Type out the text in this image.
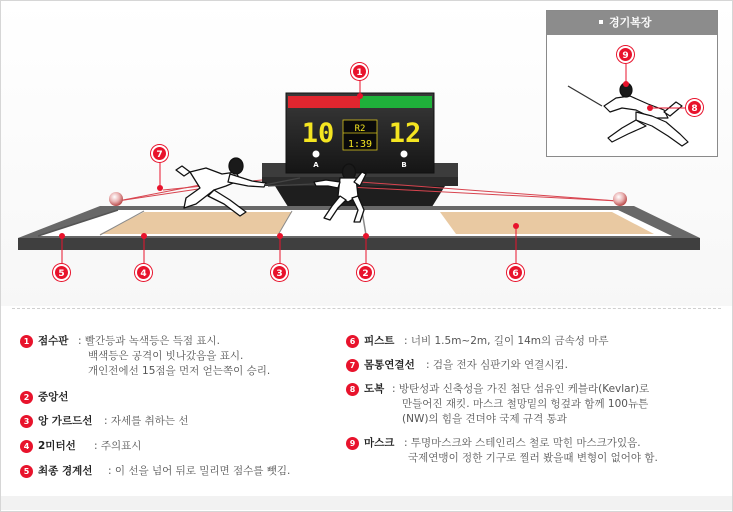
10 12
R2
1:39
A	B
경기복장
1
2
3
4
5	6
7
8
9
1 점수판 : 빨간등과 녹색등은 득점 표시.
백색등은 공격이 빗나갔음을 표시.
개인전에선 15점을 먼저 얻는쪽이 승리.
2 중앙선
3 앙 가르드선 : 자세를 취하는 선
4 2미터선 : 주의표시
5 최종 경계선 : 이 선을 넘어 뒤로 밀리면 점수를 뺏김.
6 피스트 : 너비 1.5m~2m, 길이 14m의 금속성 마루
7 몸통연결선 : 검을 전자 심판기와 연결시킴.
8 도복 : 방탄성과 신축성을 가진 첨단 섬유인 케블라(Kevlar)로
만들어진 재킷. 마스크 철망밑의 헝겊과 함께 100뉴튼
(NW)의 힘을 견뎌야 국제 규격 통과
9 마스크 : 투명마스크와 스테인리스 철로 막힌 마스크가있음.
국제연맹이 정한 기구로 찔러 봤을때 변형이 없어야 함.
